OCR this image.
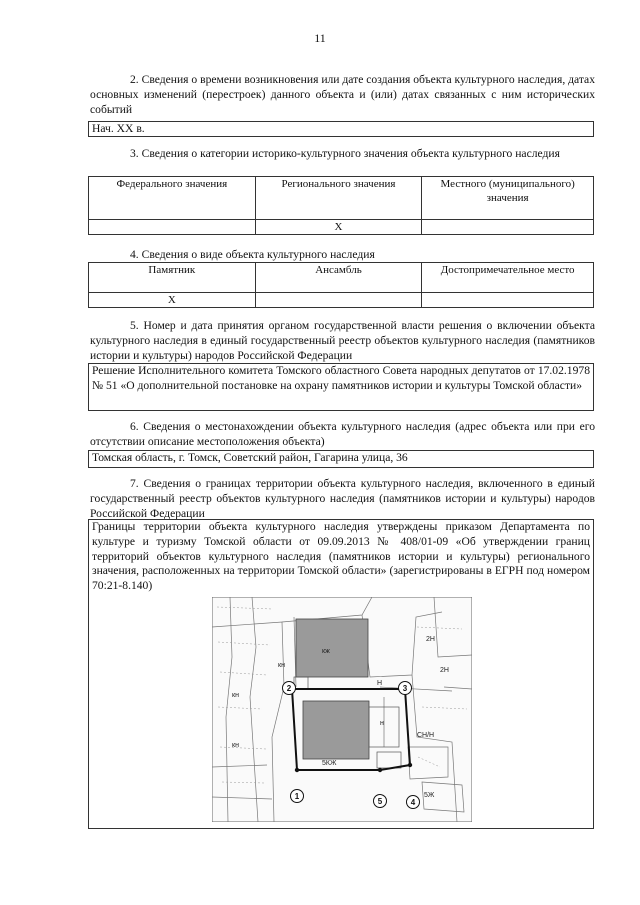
11
2. Сведения о времени возникновения или дате создания объекта культурного наследия, датах основных изменений (перестроек) данного объекта и (или) датах связанных с ним исторических событий
Нач. XX в.
3. Сведения о категории историко-культурного значения объекта культурного наследия
Федерального значения	Регионального значения	Местного (муниципального) значения
	X	
4. Сведения о виде объекта культурного наследия
Памятник	Ансамбль	Достопримечательное место
X		
5. Номер и дата принятия органом государственной власти решения о включении объекта культурного наследия в единый государственный реестр объектов культурного наследия (памятников истории и культуры) народов Российской Федерации
Решение Исполнительного комитета Томского областного Совета народных депутатов от 17.02.1978 № 51 «О дополнительной постановке на охрану памятников истории и культуры Томской области»
6. Сведения о местонахождении объекта культурного наследия (адрес объекта или при его отсутствии описание местоположения объекта)
Томская область, г. Томск, Советский район, Гагарина улица, 36
7. Сведения о границах территории объекта культурного наследия, включенного в единый государственный реестр объектов культурного наследия (памятников истории и культуры) народов Российской Федерации
Границы территории объекта культурного наследия утверждены приказом Департамента по культуре и туризму Томской области от 09.09.2013 № 408/01-09 «Об утверждении границ территорий объектов культурного наследия (памятников истории и культуры) регионального значения, расположенных на территории Томской области» (зарегистрированы в ЕГРН под номером 70:21-8.140)
кж
кн
кн
кн
н
2Н
СН/Н
5Ж
5КЖ
2Н
Н
1
2	3
4
5
